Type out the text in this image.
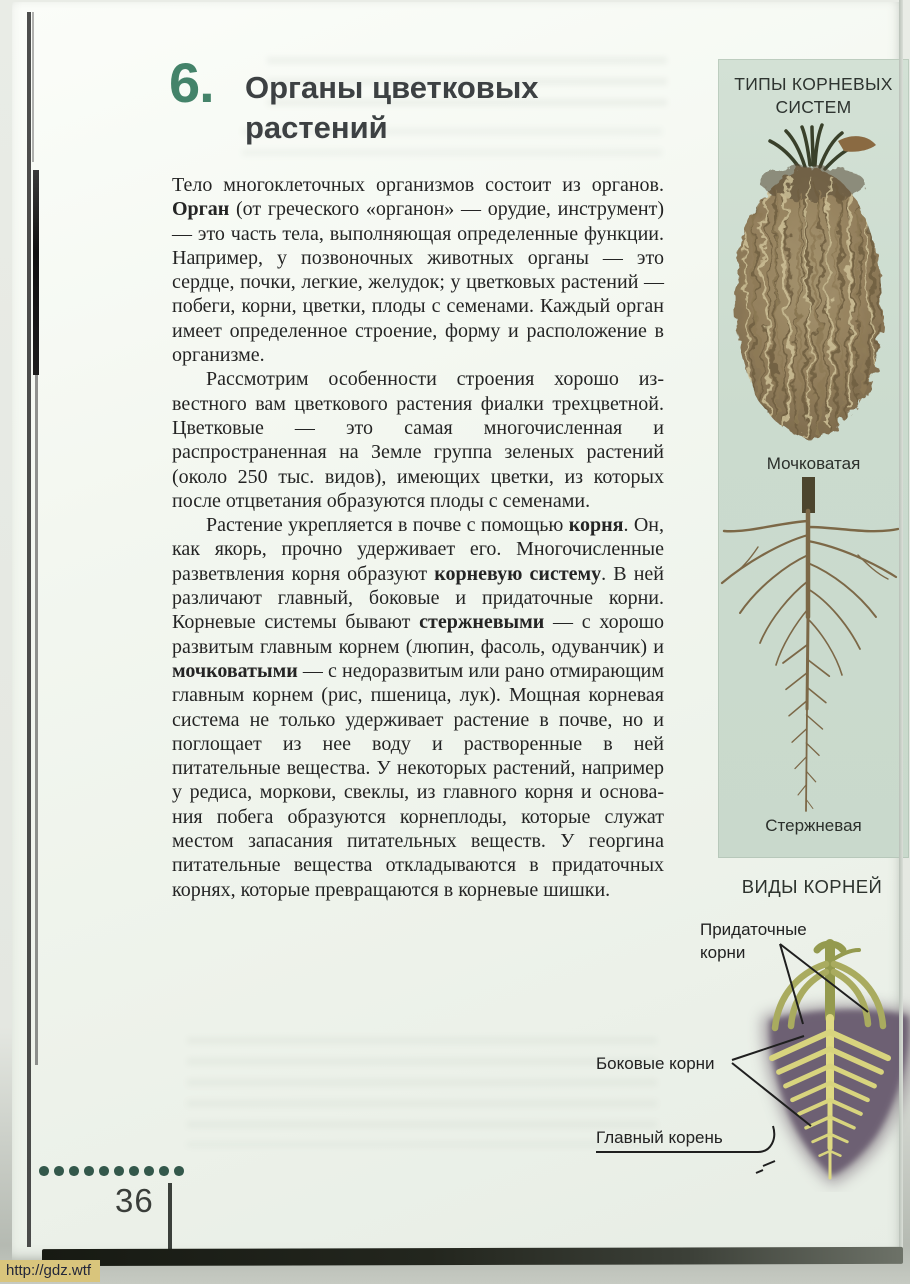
6. Органы цветковых растений

Тело многоклеточных организмов состоит из органов. Орган (от греческого «органон» — орудие, инструмент) — это часть тела, выполняющая определенные функции. Например, у позвоночных животных органы — это сердце, почки, легкие, желудок; у цветковых растений — побеги, корни, цветки, плоды с семенами. Каждый орган имеет определенное строение, форму и расположение в организме.

Рассмотрим особенности строения хорошо известного вам цветкового растения фиалки трехцветной. Цветковые — это самая многочисленная и распространенная на Земле группа зеленых растений (около 250 тыс. видов), имеющих цветки, из которых после отцветания образуются плоды с семенами.

Растение укрепляется в почве с помощью корня. Он, как якорь, прочно удерживает его. Многочисленные разветвления корня образуют корневую систему. В ней различают главный, боковые и придаточные корни. Корневые системы бывают стержневыми — с хорошо развитым главным корнем (люпин, фасоль, одуванчик) и мочковатыми — с недоразвитым или рано отмирающим главным корнем (рис, пшеница, лук). Мощная корневая система не только удерживает растение в почве, но и поглощает из нее воду и растворенные в ней питательные вещества. У некоторых растений, например у редиса, моркови, свеклы, из главного корня и основания побега образуются корнеплоды, которые служат местом запасания питательных веществ. У георгина питательные вещества откладываются в придаточных корнях, которые превращаются в корневые шишки.

ТИПЫ КОРНЕВЫХ СИСТЕМ
Мочковатая
Стержневая
ВИДЫ КОРНЕЙ
Придаточные корни
Боковые корни
Главный корень
36
http://gdz.wtf
